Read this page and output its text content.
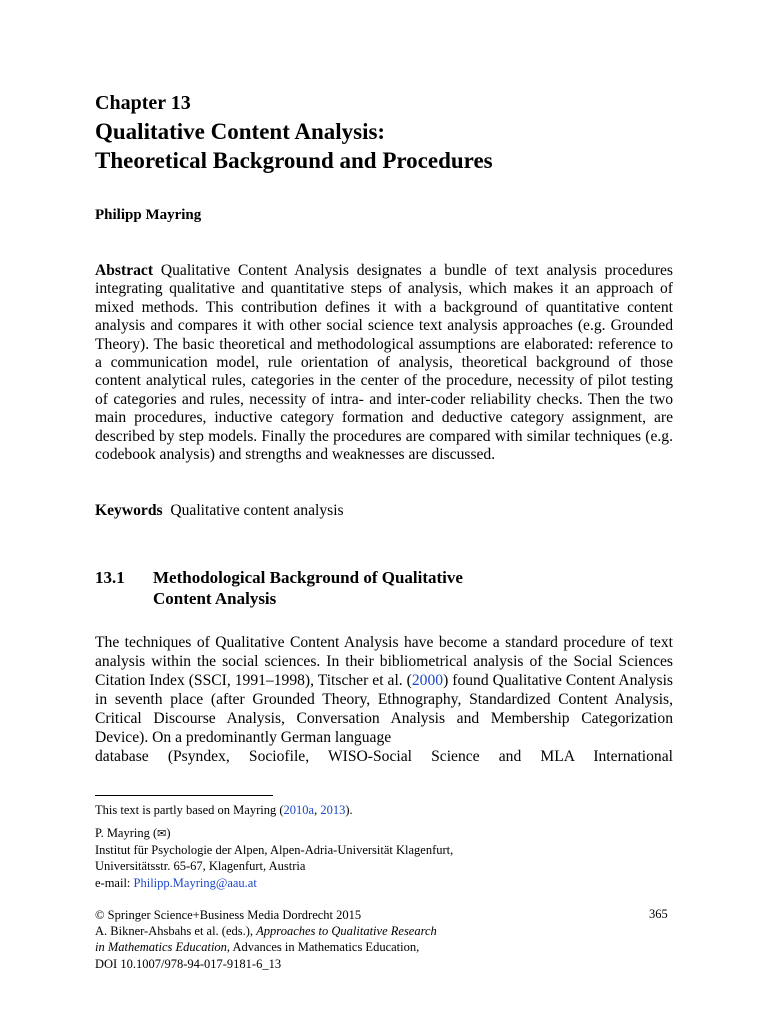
Chapter 13
Qualitative Content Analysis:
Theoretical Background and Procedures
Philipp Mayring
Abstract Qualitative Content Analysis designates a bundle of text analysis procedures integrating qualitative and quantitative steps of analysis, which makes it an approach of mixed methods. This contribution defines it with a background of quantitative content analysis and compares it with other social science text analysis approaches (e.g. Grounded Theory). The basic theoretical and methodological assumptions are elaborated: reference to a communication model, rule orientation of analysis, theoretical background of those content analytical rules, categories in the center of the procedure, necessity of pilot testing of categories and rules, necessity of intra- and inter-coder reliability checks. Then the two main procedures, inductive category formation and deductive category assignment, are described by step models. Finally the procedures are compared with similar techniques (e.g. codebook analysis) and strengths and weaknesses are discussed.
Keywords Qualitative content analysis
13.1 Methodological Background of Qualitative
Content Analysis
The techniques of Qualitative Content Analysis have become a standard procedure of text analysis within the social sciences. In their bibliometrical analysis of the Social Sciences Citation Index (SSCI, 1991–1998), Titscher et al. (2000) found Qualitative Content Analysis in seventh place (after Grounded Theory, Ethnography, Standardized Content Analysis, Critical Discourse Analysis, Conversation Analysis and Membership Categorization Device). On a predominantly German language
database (Psyndex, Sociofile, WISO-Social Science and MLA International
This text is partly based on Mayring (2010a, 2013).
P. Mayring (✉)
Institut für Psychologie der Alpen, Alpen-Adria-Universität Klagenfurt,
Universitätsstr. 65-67, Klagenfurt, Austria
e-mail: Philipp.Mayring@aau.at
© Springer Science+Business Media Dordrecht 2015
A. Bikner-Ahsbahs et al. (eds.), Approaches to Qualitative Research
in Mathematics Education, Advances in Mathematics Education,
DOI 10.1007/978-94-017-9181-6_13
365
